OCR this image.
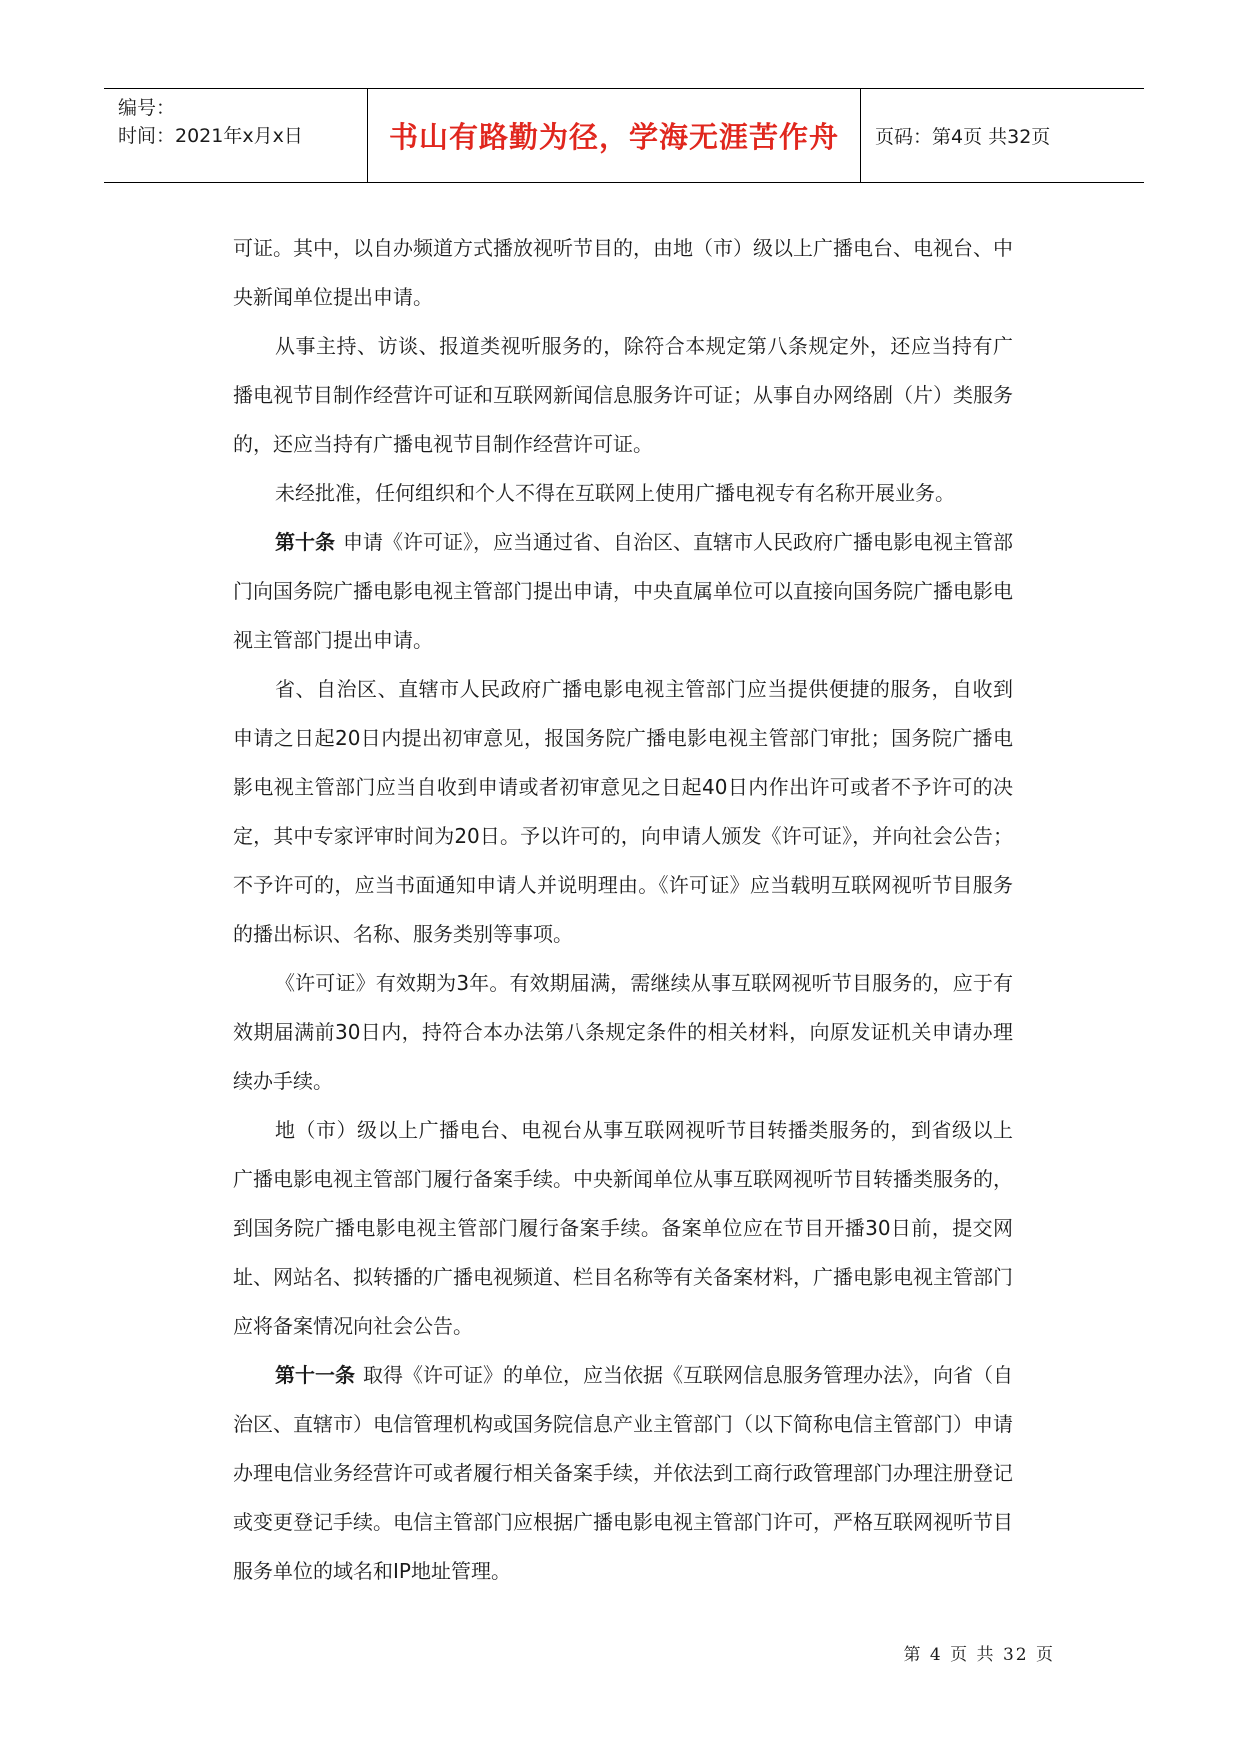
编号：
时间：2021年x月x日	书山有路勤为径，学海无涯苦作舟	页码：第4页 共32页

可证。其中，以自办频道方式播放视听节目的，由地（市）级以上广播电台、电视台、中央新闻单位提出申请。

从事主持、访谈、报道类视听服务的，除符合本规定第八条规定外，还应当持有广播电视节目制作经营许可证和互联网新闻信息服务许可证；从事自办网络剧（片）类服务的，还应当持有广播电视节目制作经营许可证。

未经批准，任何组织和个人不得在互联网上使用广播电视专有名称开展业务。

第十条 申请《许可证》，应当通过省、自治区、直辖市人民政府广播电影电视主管部门向国务院广播电影电视主管部门提出申请，中央直属单位可以直接向国务院广播电影电视主管部门提出申请。

省、自治区、直辖市人民政府广播电影电视主管部门应当提供便捷的服务，自收到申请之日起20日内提出初审意见，报国务院广播电影电视主管部门审批；国务院广播电影电视主管部门应当自收到申请或者初审意见之日起40日内作出许可或者不予许可的决定，其中专家评审时间为20日。予以许可的，向申请人颁发《许可证》，并向社会公告；不予许可的，应当书面通知申请人并说明理由。《许可证》应当载明互联网视听节目服务的播出标识、名称、服务类别等事项。

《许可证》有效期为3年。有效期届满，需继续从事互联网视听节目服务的，应于有效期届满前30日内，持符合本办法第八条规定条件的相关材料，向原发证机关申请办理续办手续。

地（市）级以上广播电台、电视台从事互联网视听节目转播类服务的，到省级以上广播电影电视主管部门履行备案手续。中央新闻单位从事互联网视听节目转播类服务的，到国务院广播电影电视主管部门履行备案手续。备案单位应在节目开播30日前，提交网址、网站名、拟转播的广播电视频道、栏目名称等有关备案材料，广播电影电视主管部门应将备案情况向社会公告。

第十一条 取得《许可证》的单位，应当依据《互联网信息服务管理办法》，向省（自治区、直辖市）电信管理机构或国务院信息产业主管部门（以下简称电信主管部门）申请办理电信业务经营许可或者履行相关备案手续，并依法到工商行政管理部门办理注册登记或变更登记手续。电信主管部门应根据广播电影电视主管部门许可，严格互联网视听节目服务单位的域名和IP地址管理。

第 4 页 共 32 页
